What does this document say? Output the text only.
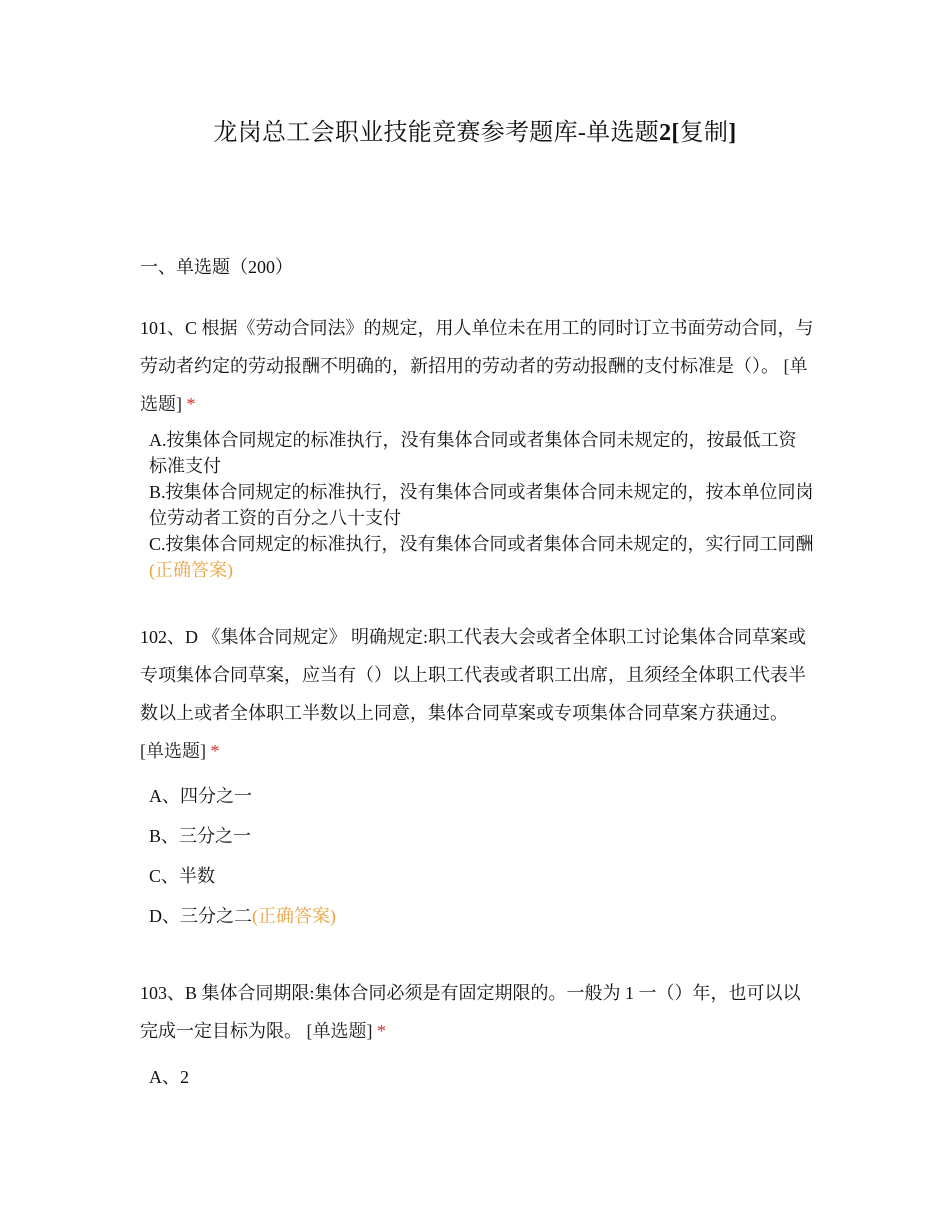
龙岗总工会职业技能竞赛参考题库-单选题2[复制]
一、单选题（200）
101、C 根据《劳动合同法》的规定，用人单位未在用工的同时订立书面劳动合同，与劳动者约定的劳动报酬不明确的，新招用的劳动者的劳动报酬的支付标准是（）。 [单选题] *
A.按集体合同规定的标准执行，没有集体合同或者集体合同未规定的，按最低工资标准支付
B.按集体合同规定的标准执行，没有集体合同或者集体合同未规定的，按本单位同岗位劳动者工资的百分之八十支付
C.按集体合同规定的标准执行，没有集体合同或者集体合同未规定的，实行同工同酬(正确答案)
102、D 《集体合同规定》 明确规定:职工代表大会或者全体职工讨论集体合同草案或专项集体合同草案，应当有（）以上职工代表或者职工出席，且须经全体职工代表半数以上或者全体职工半数以上同意，集体合同草案或专项集体合同草案方获通过。 [单选题] *
A、四分之一
B、三分之一
C、半数
D、三分之二(正确答案)
103、B 集体合同期限:集体合同必须是有固定期限的。一般为 1 一（）年，也可以以完成一定目标为限。 [单选题] *
A、2
